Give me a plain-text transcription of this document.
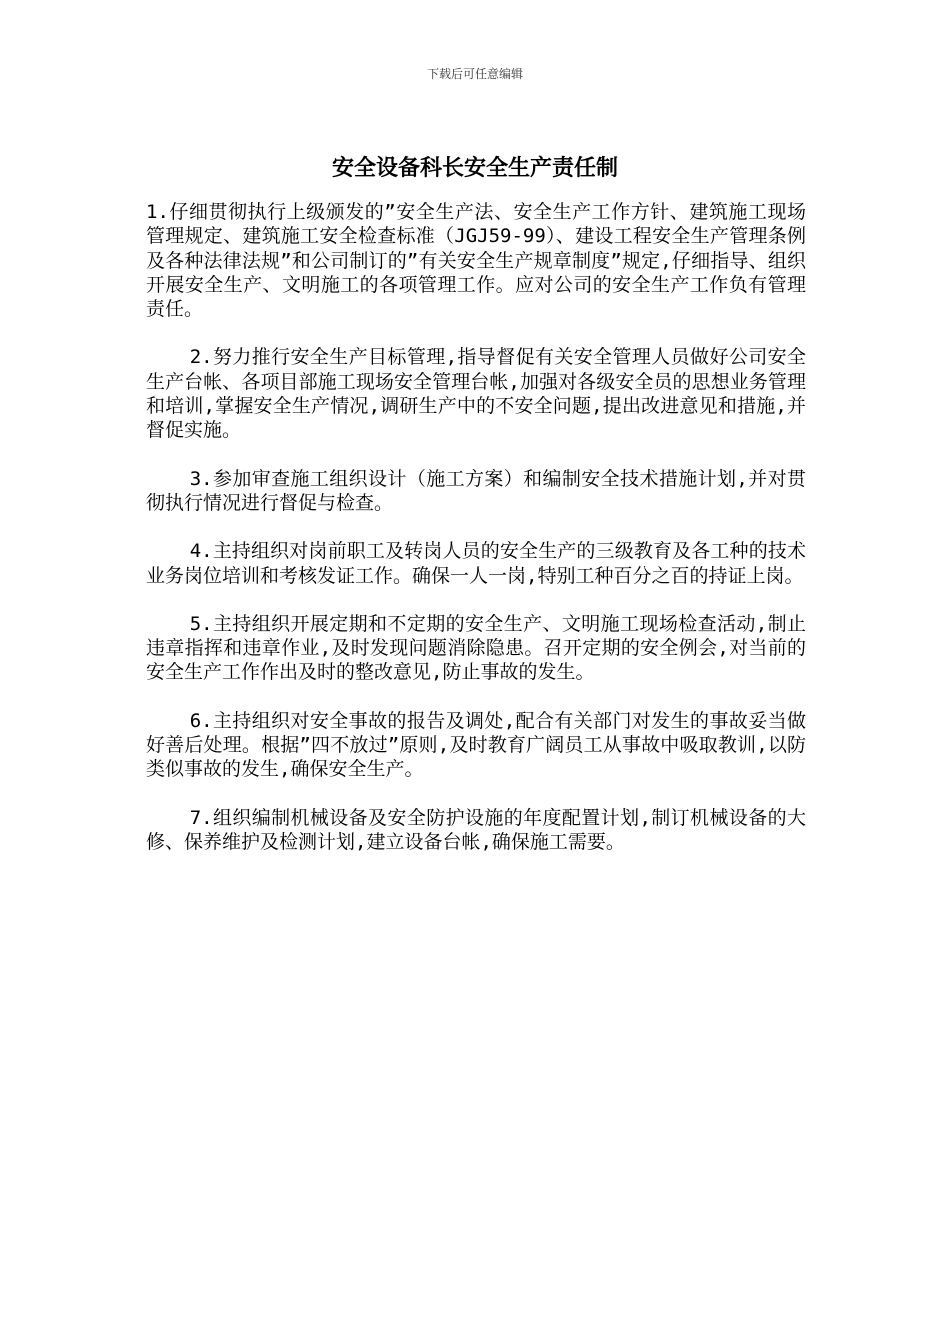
下载后可任意编辑
安全设备科长安全生产责任制

1.仔细贯彻执行上级颁发的”安全生产法、安全生产工作方针、建筑施工现场管理规定、建筑施工安全检查标准（JGJ59-99）、建设工程安全生产管理条例及各种法律法规”和公司制订的”有关安全生产规章制度”规定,仔细指导、组织开展安全生产、文明施工的各项管理工作。应对公司的安全生产工作负有管理责任。

2.努力推行安全生产目标管理,指导督促有关安全管理人员做好公司安全生产台帐、各项目部施工现场安全管理台帐,加强对各级安全员的思想业务管理和培训,掌握安全生产情况,调研生产中的不安全问题,提出改进意见和措施,并督促实施。

3.参加审查施工组织设计（施工方案）和编制安全技术措施计划,并对贯彻执行情况进行督促与检查。

4.主持组织对岗前职工及转岗人员的安全生产的三级教育及各工种的技术业务岗位培训和考核发证工作。确保一人一岗,特别工种百分之百的持证上岗。

5.主持组织开展定期和不定期的安全生产、文明施工现场检查活动,制止违章指挥和违章作业,及时发现问题消除隐患。召开定期的安全例会,对当前的安全生产工作作出及时的整改意见,防止事故的发生。

6.主持组织对安全事故的报告及调处,配合有关部门对发生的事故妥当做好善后处理。根据”四不放过”原则,及时教育广阔员工从事故中吸取教训,以防类似事故的发生,确保安全生产。

7.组织编制机械设备及安全防护设施的年度配置计划,制订机械设备的大修、保养维护及检测计划,建立设备台帐,确保施工需要。
